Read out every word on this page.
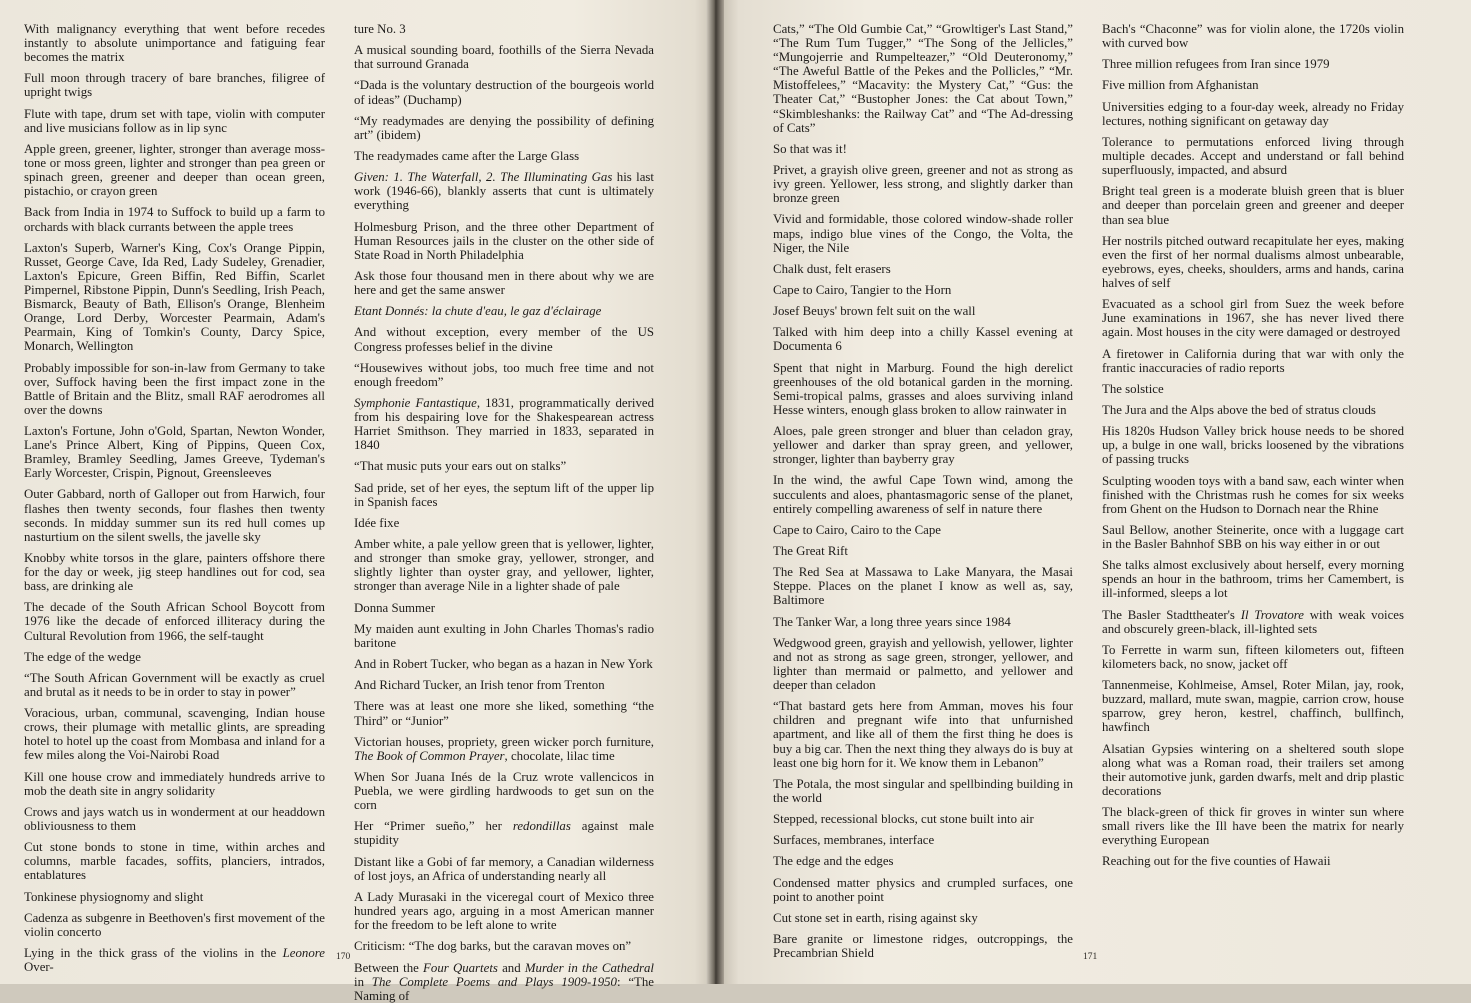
With malignancy everything that went before recedes instantly to absolute unimportance and fatiguing fear becomes the matrix

Full moon through tracery of bare branches, filigree of upright twigs

Flute with tape, drum set with tape, violin with computer and live musicians follow as in lip sync

Apple green, greener, lighter, stronger than average moss-tone or moss green, lighter and stronger than pea green or spinach green, greener and deeper than ocean green, pistachio, or crayon green

Back from India in 1974 to Suffock to build up a farm to orchards with black currants between the apple trees

Laxton's Superb, Warner's King, Cox's Orange Pippin, Russet, George Cave, Ida Red, Lady Sudeley, Grenadier, Laxton's Epicure, Green Biffin, Red Biffin, Scarlet Pimpernel, Ribstone Pippin, Dunn's Seedling, Irish Peach, Bismarck, Beauty of Bath, Ellison's Orange, Blenheim Orange, Lord Derby, Worcester Pearmain, Adam's Pearmain, King of Tomkin's County, Darcy Spice, Monarch, Wellington

Probably impossible for son-in-law from Germany to take over, Suffock having been the first impact zone in the Battle of Britain and the Blitz, small RAF aerodromes all over the downs

Laxton's Fortune, John o'Gold, Spartan, Newton Wonder, Lane's Prince Albert, King of Pippins, Queen Cox, Bramley, Bramley Seedling, James Greeve, Tydeman's Early Worcester, Crispin, Pignout, Greensleeves

Outer Gabbard, north of Galloper out from Harwich, four flashes then twenty seconds, four flashes then twenty seconds. In midday summer sun its red hull comes up nasturtium on the silent swells, the javelle sky

Knobby white torsos in the glare, painters offshore there for the day or week, jig steep handlines out for cod, sea bass, are drinking ale

The decade of the South African School Boycott from 1976 like the decade of enforced illiteracy during the Cultural Revolution from 1966, the self-taught

The edge of the wedge

“The South African Government will be exactly as cruel and brutal as it needs to be in order to stay in power”

Voracious, urban, communal, scavenging, Indian house crows, their plumage with metallic glints, are spreading hotel to hotel up the coast from Mombasa and inland for a few miles along the Voi-Nairobi Road

Kill one house crow and immediately hundreds arrive to mob the death site in angry solidarity

Crows and jays watch us in wonderment at our headdown obliviousness to them

Cut stone bonds to stone in time, within arches and columns, marble facades, soffits, planciers, intrados, entablatures

Tonkinese physiognomy and slight

Cadenza as subgenre in Beethoven's first movement of the violin concerto

Lying in the thick grass of the violins in the Leonore Over-

ture No. 3

A musical sounding board, foothills of the Sierra Nevada that surround Granada

“Dada is the voluntary destruction of the bourgeois world of ideas” (Duchamp)

“My readymades are denying the possibility of defining art” (ibidem)

The readymades came after the Large Glass

Given: 1. The Waterfall, 2. The Illuminating Gas his last work (1946-66), blankly asserts that cunt is ultimately everything

Holmesburg Prison, and the three other Department of Human Resources jails in the cluster on the other side of State Road in North Philadelphia

Ask those four thousand men in there about why we are here and get the same answer

Etant Donnés: la chute d'eau, le gaz d'éclairage

And without exception, every member of the US Congress professes belief in the divine

“Housewives without jobs, too much free time and not enough freedom”

Symphonie Fantastique, 1831, programmatically derived from his despairing love for the Shakespearean actress Harriet Smithson. They married in 1833, separated in 1840

“That music puts your ears out on stalks”

Sad pride, set of her eyes, the septum lift of the upper lip in Spanish faces

Idée fixe

Amber white, a pale yellow green that is yellower, lighter, and stronger than smoke gray, yellower, stronger, and slightly lighter than oyster gray, and yellower, lighter, stronger than average Nile in a lighter shade of pale

Donna Summer

My maiden aunt exulting in John Charles Thomas's radio baritone

And in Robert Tucker, who began as a hazan in New York

And Richard Tucker, an Irish tenor from Trenton

There was at least one more she liked, something “the Third” or “Junior”

Victorian houses, propriety, green wicker porch furniture, The Book of Common Prayer, chocolate, lilac time

When Sor Juana Inés de la Cruz wrote vallencicos in Puebla, we were girdling hardwoods to get sun on the corn

Her “Primer sueño,” her redondillas against male stupidity

Distant like a Gobi of far memory, a Canadian wilderness of lost joys, an Africa of understanding nearly all

A Lady Murasaki in the viceregal court of Mexico three hundred years ago, arguing in a most American manner for the freedom to be left alone to write

Criticism: “The dog barks, but the caravan moves on”

Between the Four Quartets and Murder in the Cathedral in The Complete Poems and Plays 1909-1950: “The Naming of

170

Cats,” “The Old Gumbie Cat,” “Growltiger's Last Stand,” “The Rum Tum Tugger,” “The Song of the Jellicles,” “Mungojerrie and Rumpelteazer,” “Old Deuteronomy,” “The Aweful Battle of the Pekes and the Pollicles,” “Mr. Mistoffelees,” “Macavity: the Mystery Cat,” “Gus: the Theater Cat,” “Bustopher Jones: the Cat about Town,” “Skimbleshanks: the Railway Cat” and “The Ad-dressing of Cats”

So that was it!

Privet, a grayish olive green, greener and not as strong as ivy green. Yellower, less strong, and slightly darker than bronze green

Vivid and formidable, those colored window-shade roller maps, indigo blue vines of the Congo, the Volta, the Niger, the Nile

Chalk dust, felt erasers

Cape to Cairo, Tangier to the Horn

Josef Beuys' brown felt suit on the wall

Talked with him deep into a chilly Kassel evening at Documenta 6

Spent that night in Marburg. Found the high derelict greenhouses of the old botanical garden in the morning. Semi-tropical palms, grasses and aloes surviving inland Hesse winters, enough glass broken to allow rainwater in

Aloes, pale green stronger and bluer than celadon gray, yellower and darker than spray green, and yellower, stronger, lighter than bayberry gray

In the wind, the awful Cape Town wind, among the succulents and aloes, phantasmagoric sense of the planet, entirely compelling awareness of self in nature there

Cape to Cairo, Cairo to the Cape

The Great Rift

The Red Sea at Massawa to Lake Manyara, the Masai Steppe. Places on the planet I know as well as, say, Baltimore

The Tanker War, a long three years since 1984

Wedgwood green, grayish and yellowish, yellower, lighter and not as strong as sage green, stronger, yellower, and lighter than mermaid or palmetto, and yellower and deeper than celadon

“That bastard gets here from Amman, moves his four children and pregnant wife into that unfurnished apartment, and like all of them the first thing he does is buy a big car. Then the next thing they always do is buy at least one big horn for it. We know them in Lebanon”

The Potala, the most singular and spellbinding building in the world

Stepped, recessional blocks, cut stone built into air

Surfaces, membranes, interface

The edge and the edges

Condensed matter physics and crumpled surfaces, one point to another point

Cut stone set in earth, rising against sky

Bare granite or limestone ridges, outcroppings, the Precambrian Shield

Bach's “Chaconne” was for violin alone, the 1720s violin with curved bow

Three million refugees from Iran since 1979

Five million from Afghanistan

Universities edging to a four-day week, already no Friday lectures, nothing significant on getaway day

Tolerance to permutations enforced living through multiple decades. Accept and understand or fall behind superfluously, impacted, and absurd

Bright teal green is a moderate bluish green that is bluer and deeper than porcelain green and greener and deeper than sea blue

Her nostrils pitched outward recapitulate her eyes, making even the first of her normal dualisms almost unbearable, eyebrows, eyes, cheeks, shoulders, arms and hands, carina halves of self

Evacuated as a school girl from Suez the week before June examinations in 1967, she has never lived there again. Most houses in the city were damaged or destroyed

A firetower in California during that war with only the frantic inaccuracies of radio reports

The solstice

The Jura and the Alps above the bed of stratus clouds

His 1820s Hudson Valley brick house needs to be shored up, a bulge in one wall, bricks loosened by the vibrations of passing trucks

Sculpting wooden toys with a band saw, each winter when finished with the Christmas rush he comes for six weeks from Ghent on the Hudson to Dornach near the Rhine

Saul Bellow, another Steinerite, once with a luggage cart in the Basler Bahnhof SBB on his way either in or out

She talks almost exclusively about herself, every morning spends an hour in the bathroom, trims her Camembert, is ill-informed, sleeps a lot

The Basler Stadttheater's Il Trovatore with weak voices and obscurely green-black, ill-lighted sets

To Ferrette in warm sun, fifteen kilometers out, fifteen kilometers back, no snow, jacket off

Tannenmeise, Kohlmeise, Amsel, Roter Milan, jay, rook, buzzard, mallard, mute swan, magpie, carrion crow, house sparrow, grey heron, kestrel, chaffinch, bullfinch, hawfinch

Alsatian Gypsies wintering on a sheltered south slope along what was a Roman road, their trailers set among their automotive junk, garden dwarfs, melt and drip plastic decorations

The black-green of thick fir groves in winter sun where small rivers like the Ill have been the matrix for nearly everything European

Reaching out for the five counties of Hawaii

171
